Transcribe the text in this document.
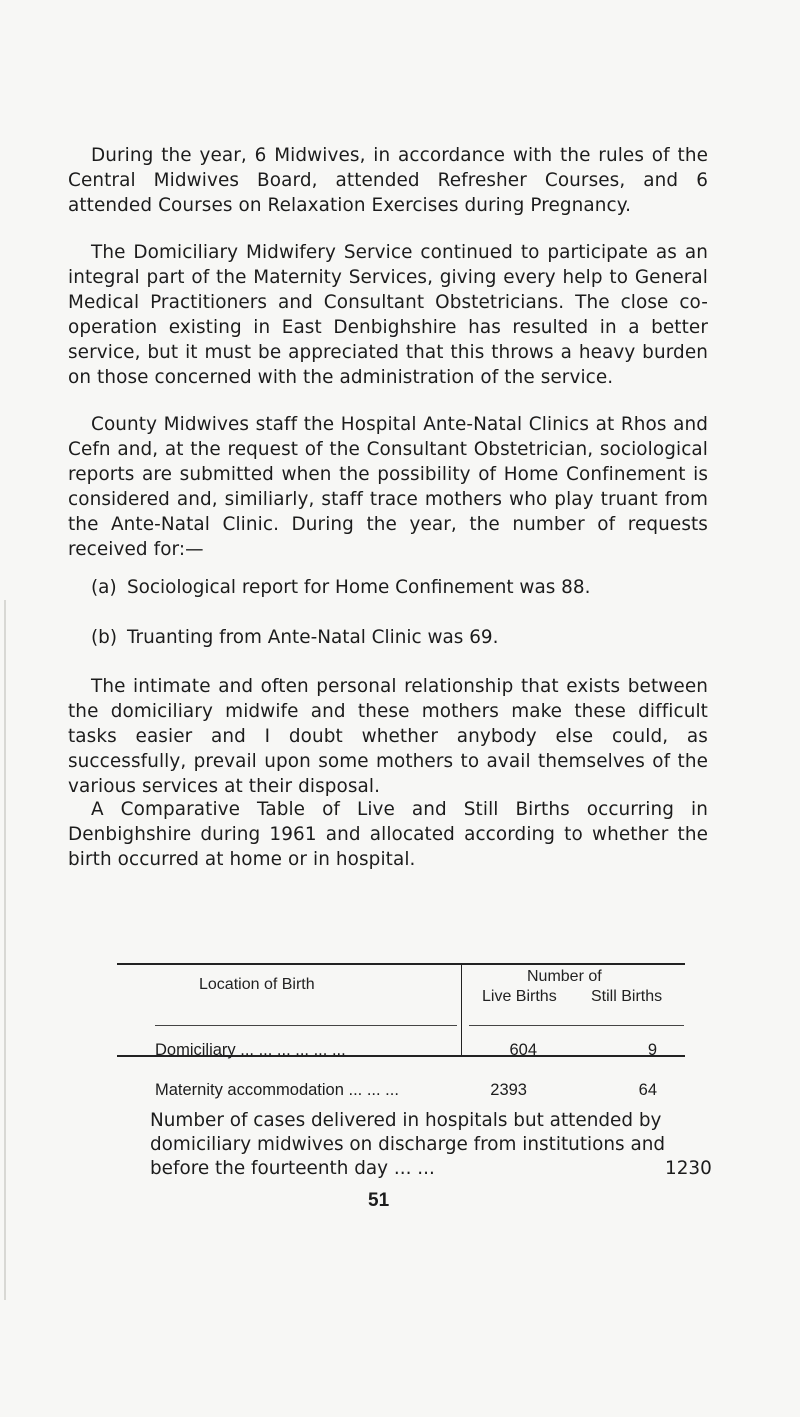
During the year, 6 Midwives, in accordance with the rules of the Central Midwives Board, attended Refresher Courses, and 6 attended Courses on Relaxation Exercises during Pregnancy.

The Domiciliary Midwifery Service continued to participate as an integral part of the Maternity Services, giving every help to General Medical Practitioners and Consultant Obstetricians. The close co-operation existing in East Denbighshire has resulted in a better service, but it must be appreciated that this throws a heavy burden on those concerned with the administration of the service.

County Midwives staff the Hospital Ante-Natal Clinics at Rhos and Cefn and, at the request of the Consultant Obstetrician, sociological reports are submitted when the possibility of Home Confinement is considered and, similiarly, staff trace mothers who play truant from the Ante-Natal Clinic. During the year, the number of requests received for:—

(a) Sociological report for Home Confinement was 88.

(b) Truanting from Ante-Natal Clinic was 69.

The intimate and often personal relationship that exists between the domiciliary midwife and these mothers make these difficult tasks easier and I doubt whether anybody else could, as successfully, prevail upon some mothers to avail themselves of the various services at their disposal.

A Comparative Table of Live and Still Births occurring in Denbighshire during 1961 and allocated according to whether the birth occurred at home or in hospital.

Location of Birth	Number of
Live Births Still Births
Domiciliary ... ... ... ... ... ...	604	9
Maternity accommodation ... ... ...	2393	64

Number of cases delivered in hospitals but attended by domiciliary midwives on discharge from institutions and before the fourteenth day ... ...	1230
51
